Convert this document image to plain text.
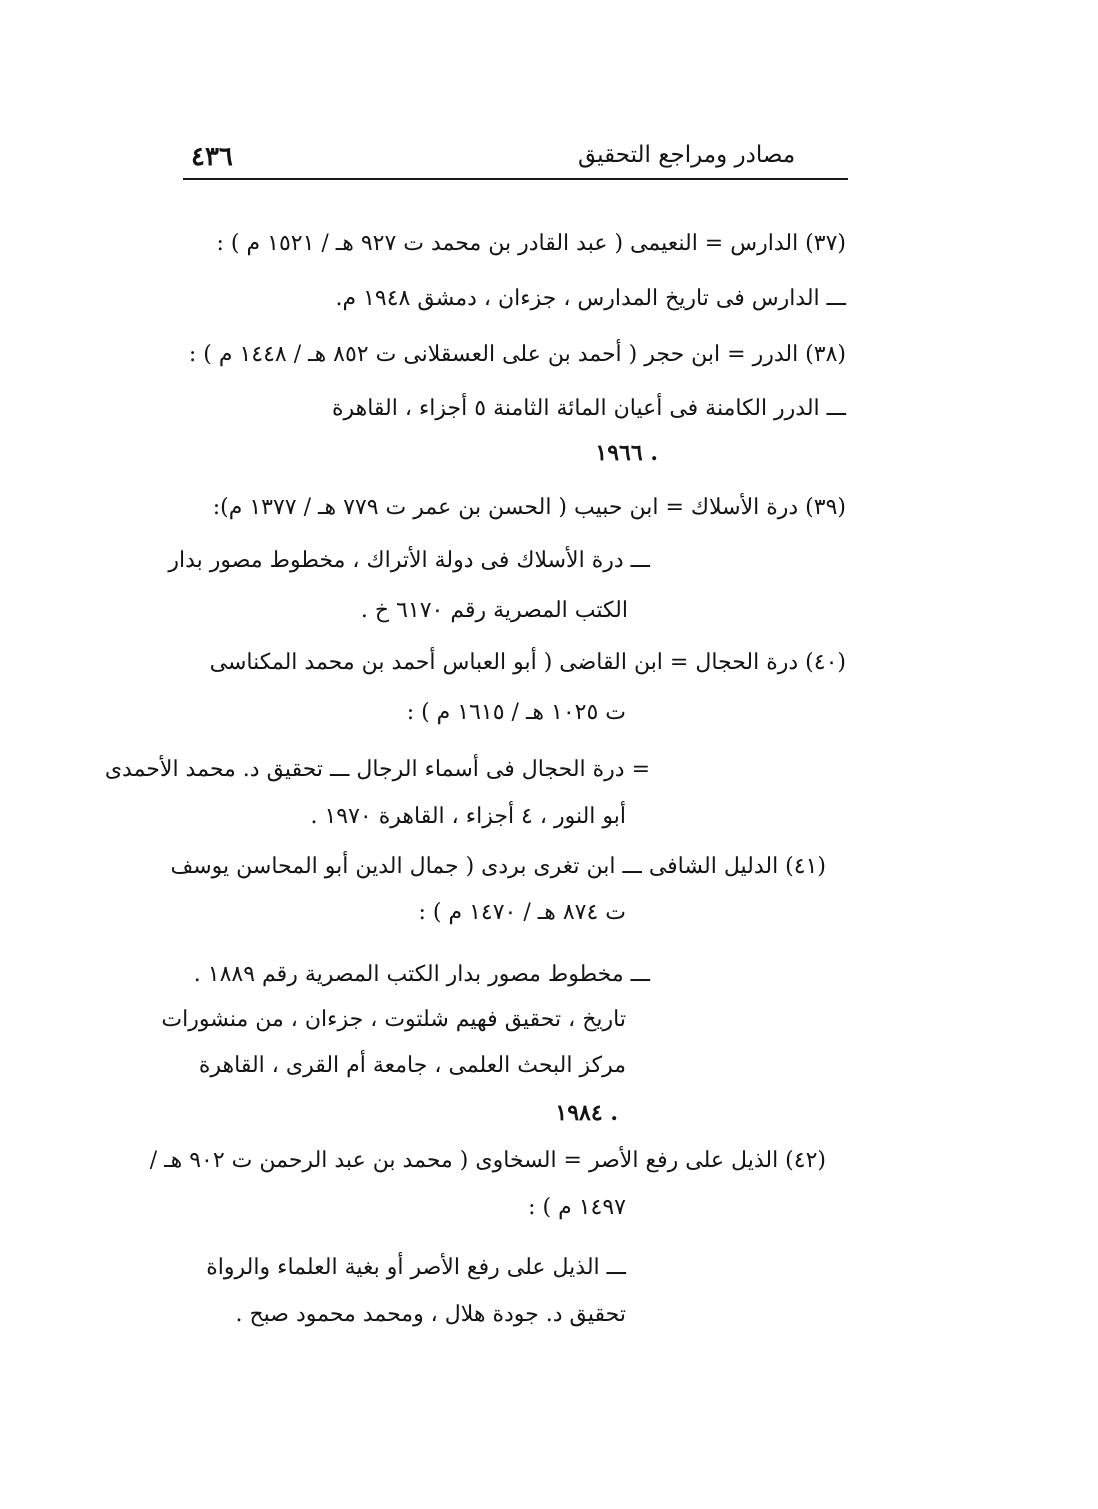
٤٣٦	مصادر ومراجع التحقيق
(٣٧) الدارس = النعيمى ( عبد القادر بن محمد ت ٩٢٧ هـ / ١٥٢١ م ) :
ـــ الدارس فى تاريخ المدارس ، جزءان ، دمشق ١٩٤٨ م.
(٣٨) الدرر = ابن حجر ( أحمد بن على العسقلانى ت ٨٥٢ هـ / ١٤٤٨ م ) :
ـــ الدرر الكامنة فى أعيان المائة الثامنة ٥ أجزاء ، القاهرة
١٩٦٦ .
(٣٩) درة الأسلاك = ابن حبيب ( الحسن بن عمر ت ٧٧٩ هـ / ١٣٧٧ م):
ـــ درة الأسلاك فى دولة الأتراك ، مخطوط مصور بدار
الكتب المصرية رقم ٦١٧٠ خ .
(٤٠) درة الحجال = ابن القاضى ( أبو العباس أحمد بن محمد المكناسى
ت ١٠٢٥ هـ / ١٦١٥ م ) :
= درة الحجال فى أسماء الرجال ـــ تحقيق د. محمد الأحمدى
أبو النور ، ٤ أجزاء ، القاهرة ١٩٧٠ .
(٤١) الدليل الشافى ـــ ابن تغرى بردى ( جمال الدين أبو المحاسن يوسف
ت ٨٧٤ هـ / ١٤٧٠ م ) :
ـــ مخطوط مصور بدار الكتب المصرية رقم ١٨٨٩ .
تاريخ ، تحقيق فهيم شلتوت ، جزءان ، من منشورات
مركز البحث العلمى ، جامعة أم القرى ، القاهرة
١٩٨٤ .
(٤٢) الذيل على رفع الأصر = السخاوى ( محمد بن عبد الرحمن ت ٩٠٢ هـ /
١٤٩٧ م ) :
ـــ الذيل على رفع الأصر أو بغية العلماء والرواة
تحقيق د. جودة هلال ، ومحمد محمود صبح .
